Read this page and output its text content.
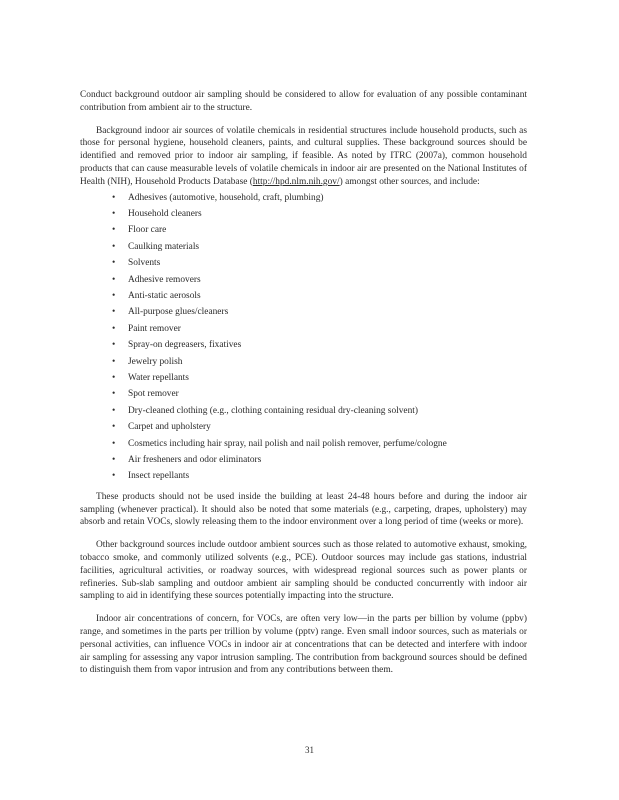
Conduct background outdoor air sampling should be considered to allow for evaluation of any possible contaminant contribution from ambient air to the structure.

Background indoor air sources of volatile chemicals in residential structures include household products, such as those for personal hygiene, household cleaners, paints, and cultural supplies. These background sources should be identified and removed prior to indoor air sampling, if feasible. As noted by ITRC (2007a), common household products that can cause measurable levels of volatile chemicals in indoor air are presented on the National Institutes of Health (NIH), Household Products Database (http://hpd.nlm.nih.gov/) amongst other sources, and include:

• Adhesives (automotive, household, craft, plumbing)
• Household cleaners
• Floor care
• Caulking materials
• Solvents
• Adhesive removers
• Anti-static aerosols
• All-purpose glues/cleaners
• Paint remover
• Spray-on degreasers, fixatives
• Jewelry polish
• Water repellants
• Spot remover
• Dry-cleaned clothing (e.g., clothing containing residual dry-cleaning solvent)
• Carpet and upholstery
• Cosmetics including hair spray, nail polish and nail polish remover, perfume/cologne
• Air fresheners and odor eliminators
• Insect repellants

These products should not be used inside the building at least 24-48 hours before and during the indoor air sampling (whenever practical). It should also be noted that some materials (e.g., carpeting, drapes, upholstery) may absorb and retain VOCs, slowly releasing them to the indoor environment over a long period of time (weeks or more).

Other background sources include outdoor ambient sources such as those related to automotive exhaust, smoking, tobacco smoke, and commonly utilized solvents (e.g., PCE). Outdoor sources may include gas stations, industrial facilities, agricultural activities, or roadway sources, with widespread regional sources such as power plants or refineries. Sub-slab sampling and outdoor ambient air sampling should be conducted concurrently with indoor air sampling to aid in identifying these sources potentially impacting into the structure.

Indoor air concentrations of concern, for VOCs, are often very low—in the parts per billion by volume (ppbv) range, and sometimes in the parts per trillion by volume (pptv) range. Even small indoor sources, such as materials or personal activities, can influence VOCs in indoor air at concentrations that can be detected and interfere with indoor air sampling for assessing any vapor intrusion sampling. The contribution from background sources should be defined to distinguish them from vapor intrusion and from any contributions between them.

31
